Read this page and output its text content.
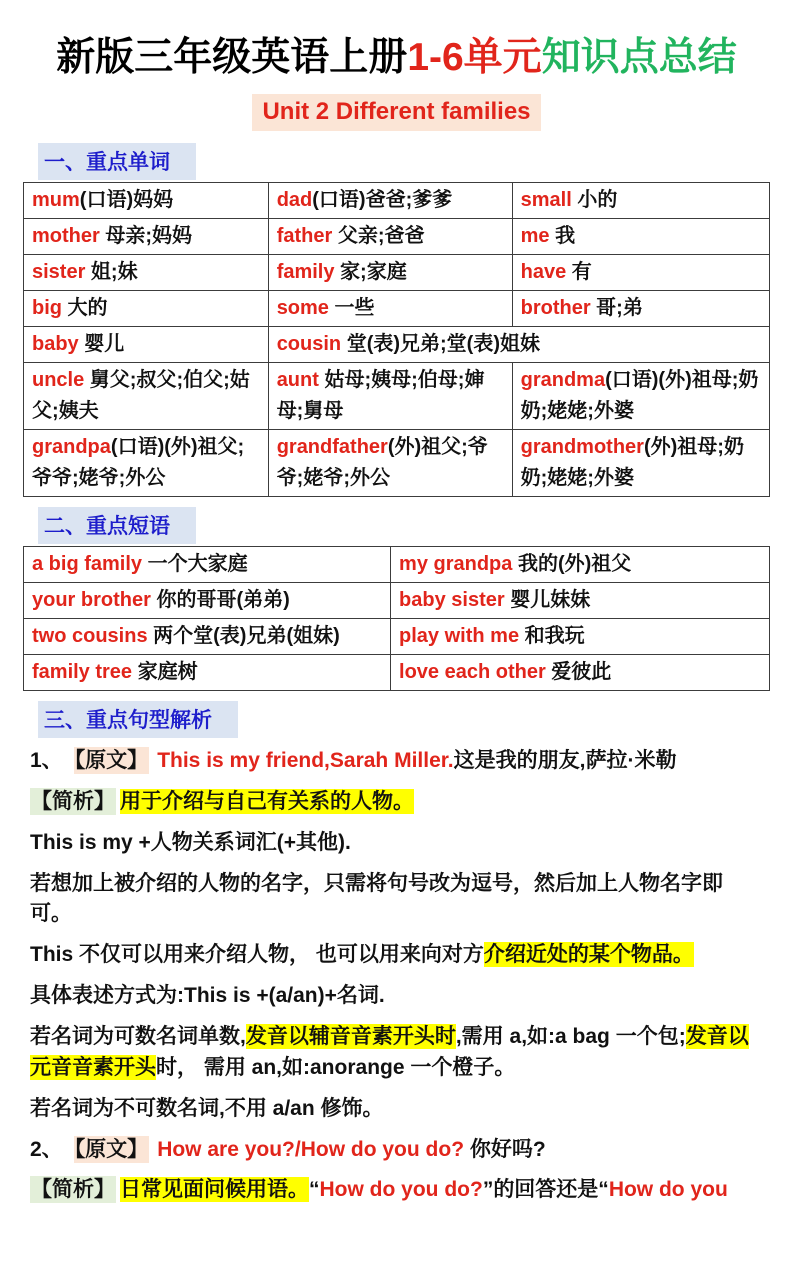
新版三年级英语上册1-6单元知识点总结
Unit 2 Different families
一、重点单词
mum(口语)妈妈	dad(口语)爸爸;爹爹	small 小的
mother 母亲;妈妈	father 父亲;爸爸	me 我
sister 姐;妹	family 家;家庭	have 有
big 大的	some 一些	brother 哥;弟
baby 婴儿	cousin 堂(表)兄弟;堂(表)姐妹	
uncle 舅父;叔父;伯父;姑父;姨夫	aunt 姑母;姨母;伯母;婶母;舅母	grandma(口语)(外)祖母;奶奶;姥姥;外婆
grandpa(口语)(外)祖父;爷爷;姥爷;外公	grandfather(外)祖父;爷爷;姥爷;外公	grandmother(外)祖母;奶奶;姥姥;外婆
二、重点短语
a big family 一个大家庭	my grandpa 我的(外)祖父
your brother 你的哥哥(弟弟)	baby sister 婴儿妹妹
two cousins 两个堂(表)兄弟(姐妹)	play with me 和我玩
family tree 家庭树	love each other 爱彼此
三、重点句型解析

1、 【原文】 This is my friend,Sarah Miller.这是我的朋友,萨拉·米勒

【简析】 用于介绍与自己有关系的人物。

This is my +人物关系词汇(+其他).

若想加上被介绍的人物的名字，只需将句号改为逗号，然后加上人物名字即可。

This 不仅可以用来介绍人物， 也可以用来向对方介绍近处的某个物品。

具体表述方式为:This is +(a/an)+名词.

若名词为可数名词单数,发音以辅音音素开头时,需用 a,如:a bag 一个包;发音以元音音素开头时， 需用 an,如:anorange 一个橙子。

若名词为不可数名词,不用 a/an 修饰。

2、 【原文】 How are you?/How do you do? 你好吗?

【简析】 日常见面问候用语。“How do you do?”的回答还是“How do you
